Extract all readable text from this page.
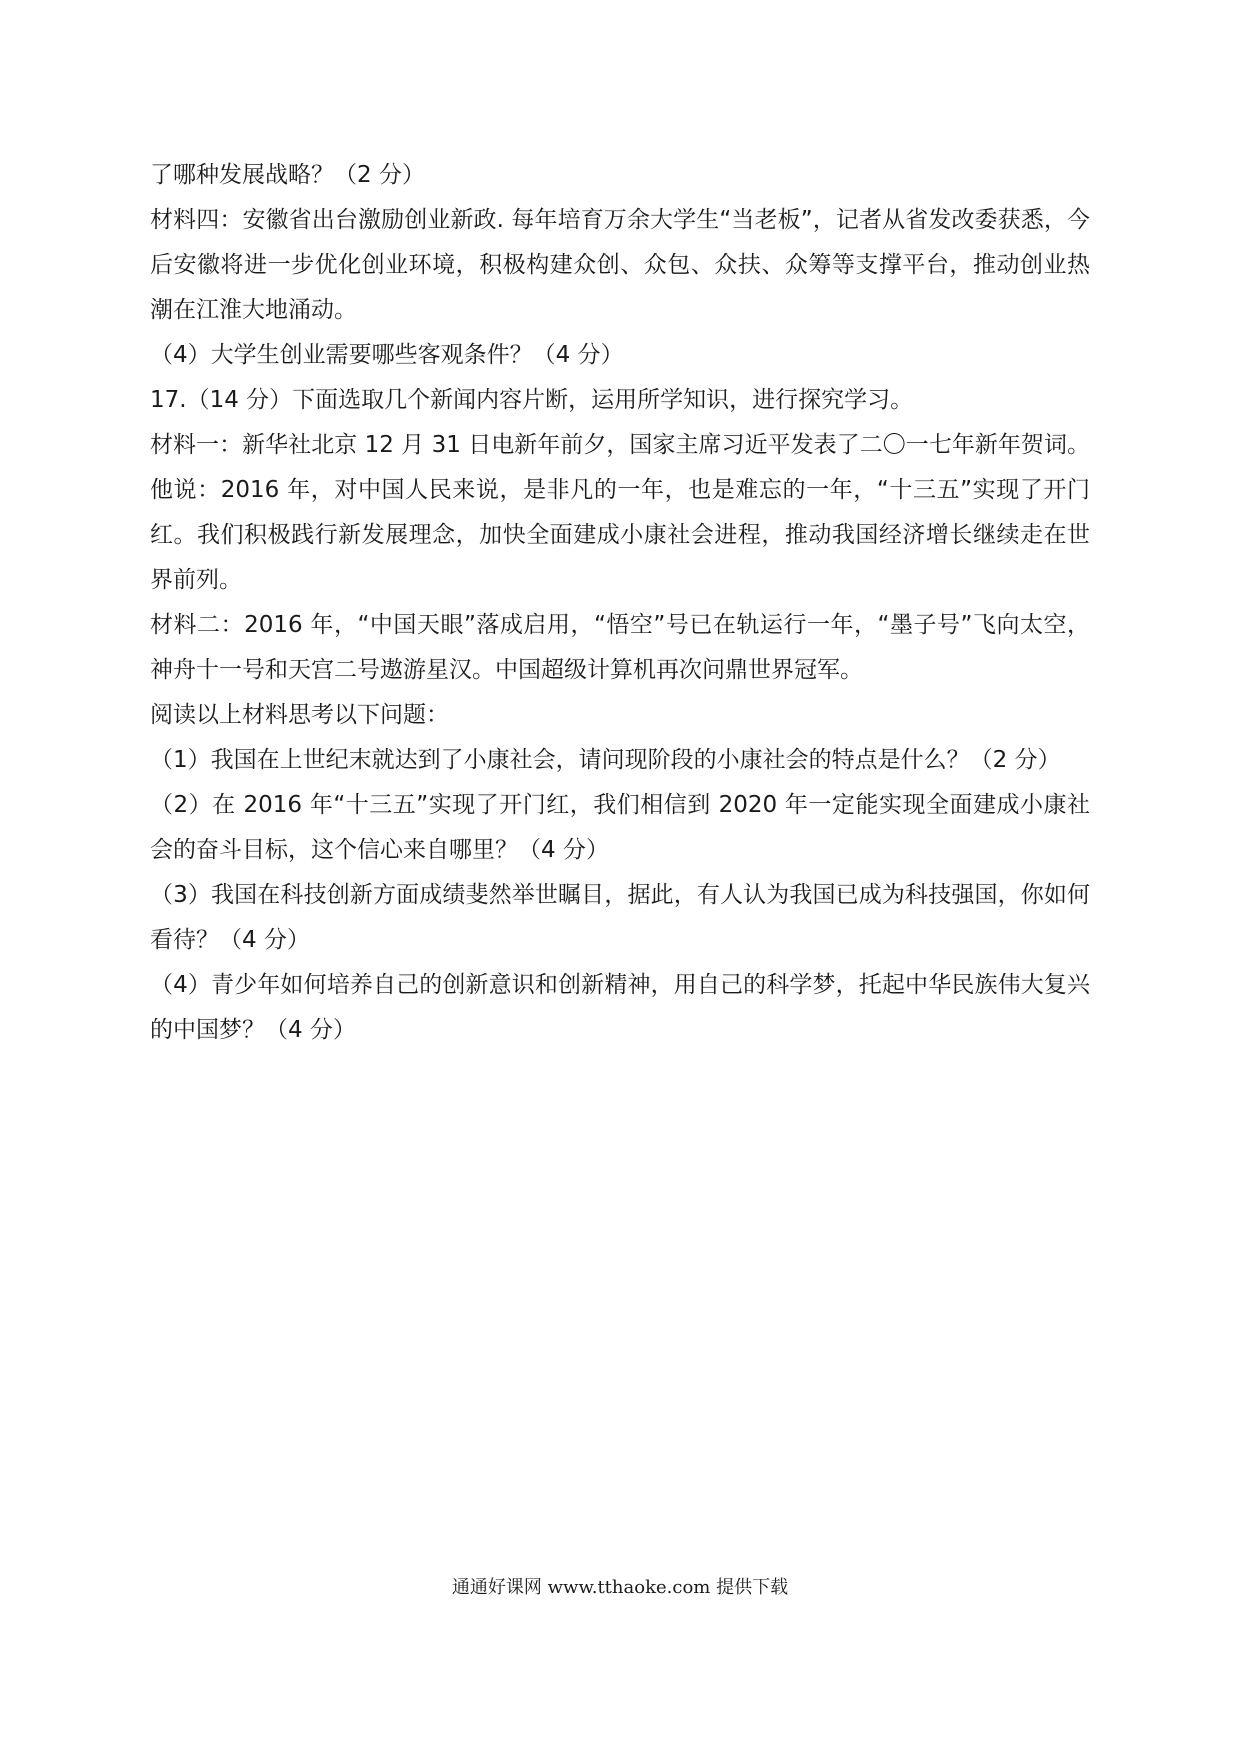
了哪种发展战略？（2 分）

材料四：安徽省出台激励创业新政. 每年培育万余大学生“当老板”，记者从省发改委获悉，今后安徽将进一步优化创业环境，积极构建众创、众包、众扶、众筹等支撑平台，推动创业热潮在江淮大地涌动。

（4）大学生创业需要哪些客观条件？（4 分）

17.（14 分）下面选取几个新闻内容片断，运用所学知识，进行探究学习。

材料一：新华社北京 12 月 31 日电新年前夕，国家主席习近平发表了二〇一七年新年贺词。他说：2016 年，对中国人民来说，是非凡的一年，也是难忘的一年，“十三五”实现了开门红。我们积极践行新发展理念，加快全面建成小康社会进程，推动我国经济增长继续走在世界前列。

材料二：2016 年，“中国天眼”落成启用，“悟空”号已在轨运行一年，“墨子号”飞向太空，神舟十一号和天宫二号遨游星汉。中国超级计算机再次问鼎世界冠军。

阅读以上材料思考以下问题：

（1）我国在上世纪末就达到了小康社会，请问现阶段的小康社会的特点是什么？（2 分）

（2）在 2016 年“十三五”实现了开门红，我们相信到 2020 年一定能实现全面建成小康社会的奋斗目标，这个信心来自哪里？（4 分）

（3）我国在科技创新方面成绩斐然举世瞩目，据此，有人认为我国已成为科技强国，你如何看待？（4 分）

（4）青少年如何培养自己的创新意识和创新精神，用自己的科学梦，托起中华民族伟大复兴的中国梦？（4 分）

通通好课网 www.tthaoke.com 提供下载
